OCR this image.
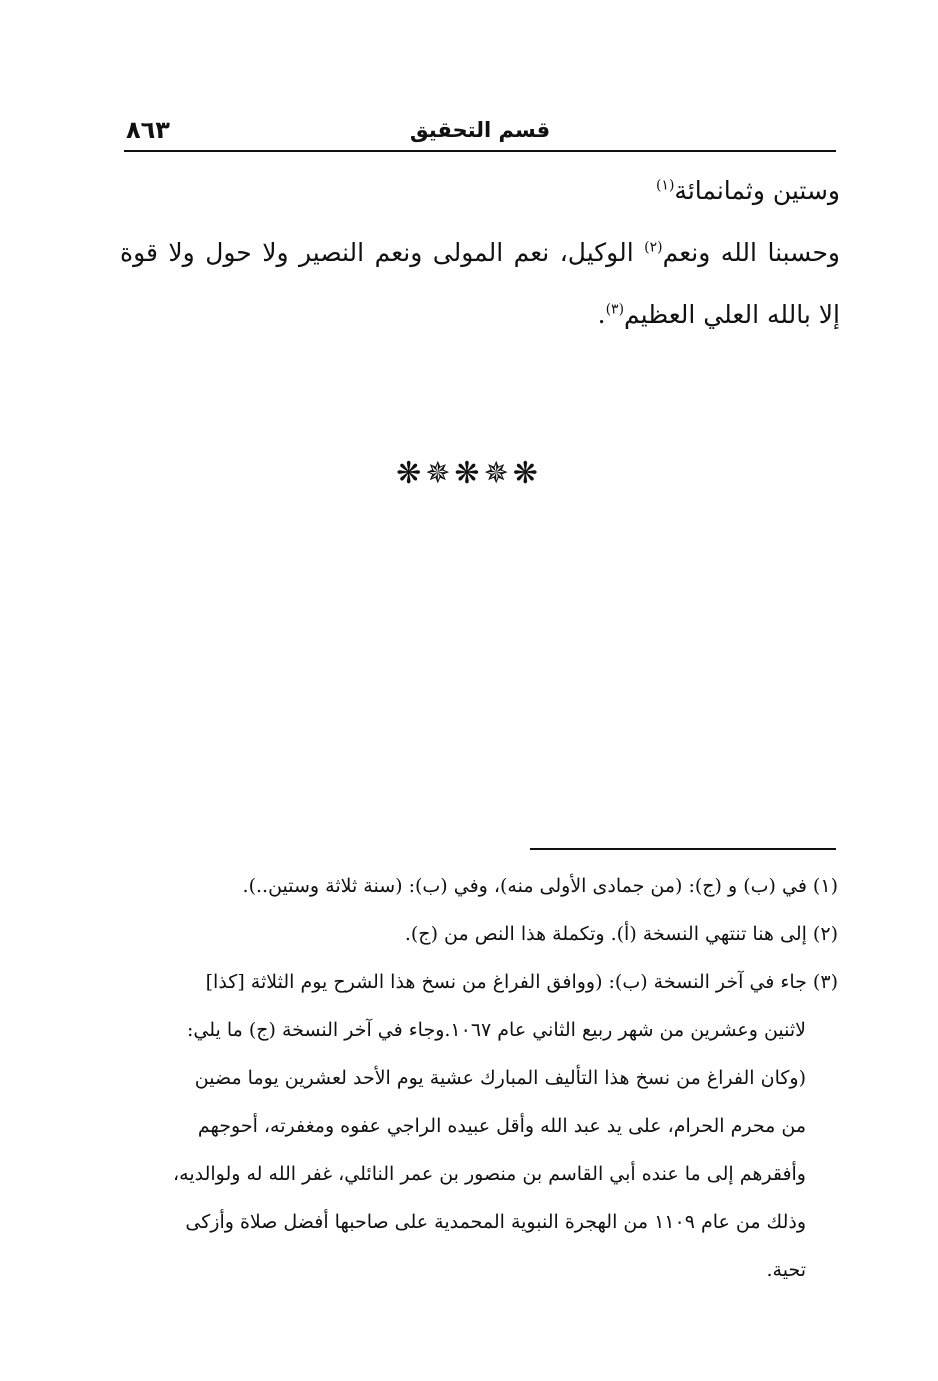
قسم التحقيق
٨٦٣

وستين وثمانمائة$^{(١)}$

وحسبنا الله ونعم$^{(٢)}$ الوكيل، نعم المولى ونعم النصير ولا حول ولا قوة إلا بالله العلي العظيم$^{(٣)}$.

❋✵❋✵❋

(١) في (ب) و (ج): (من جمادى الأولى منه)، وفي (ب): (سنة ثلاثة وستين..).

(٢) إلى هنا تنتهي النسخة (أ). وتكملة هذا النص من (ج).

(٣) جاء في آخر النسخة (ب): (ووافق الفراغ من نسخ هذا الشرح يوم الثلاثة [كذا]

لاثنين وعشرين من شهر ربيع الثاني عام ١٠٦٧.وجاء في آخر النسخة (ج) ما يلي:

(وكان الفراغ من نسخ هذا التأليف المبارك عشية يوم الأحد لعشرين يوما مضين

من محرم الحرام، على يد عبد الله وأقل عبيده الراجي عفوه ومغفرته، أحوجهم

وأفقرهم إلى ما عنده أبي القاسم بن منصور بن عمر النائلي، غفر الله له ولوالديه،

وذلك من عام ١١٠٩ من الهجرة النبوية المحمدية على صاحبها أفضل صلاة وأزكى

تحية.
